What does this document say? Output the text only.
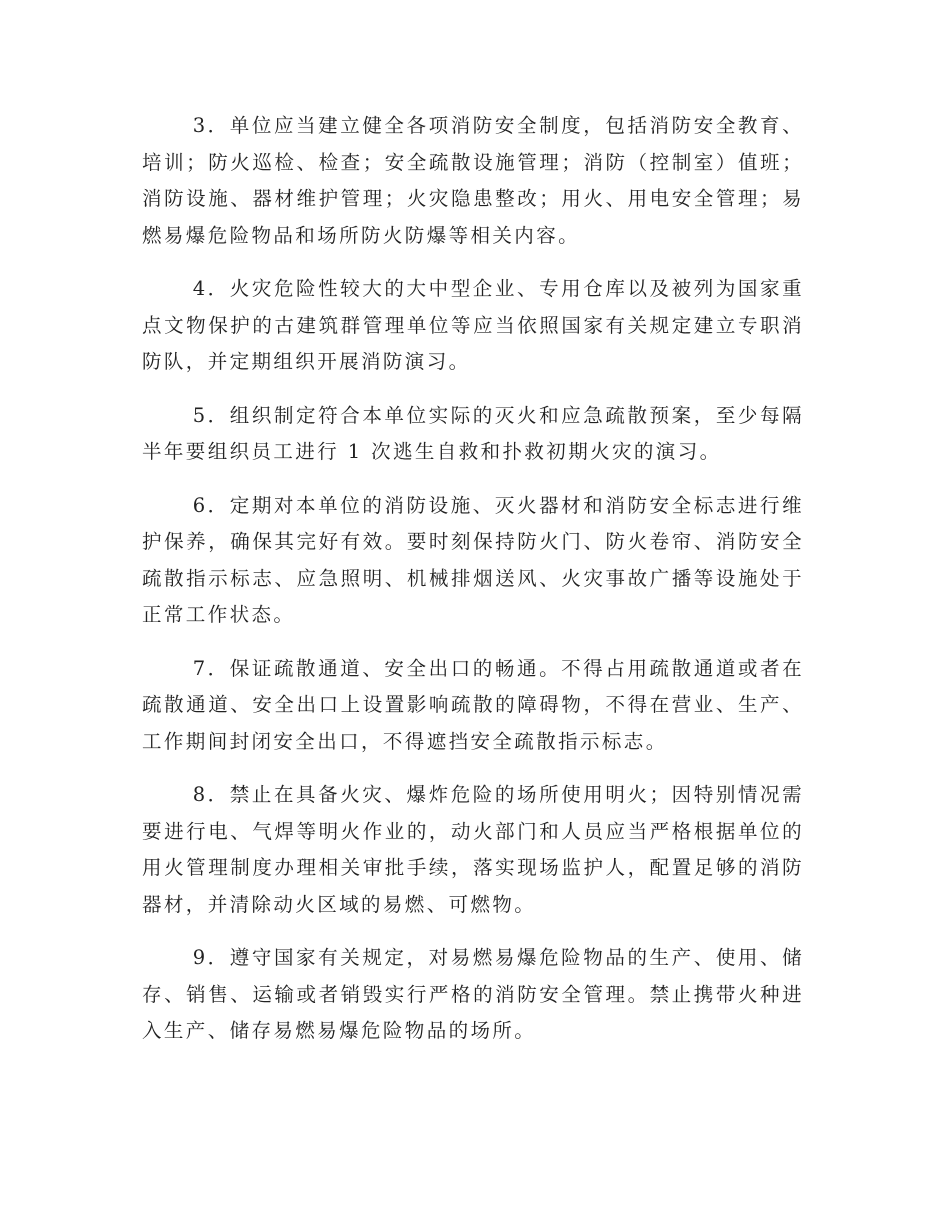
3．单位应当建立健全各项消防安全制度，包括消防安全教育、培训；防火巡检、检查；安全疏散设施管理；消防（控制室）值班；消防设施、器材维护管理；火灾隐患整改；用火、用电安全管理；易燃易爆危险物品和场所防火防爆等相关内容。

4．火灾危险性较大的大中型企业、专用仓库以及被列为国家重点文物保护的古建筑群管理单位等应当依照国家有关规定建立专职消防队，并定期组织开展消防演习。

5．组织制定符合本单位实际的灭火和应急疏散预案，至少每隔半年要组织员工进行 1 次逃生自救和扑救初期火灾的演习。

6．定期对本单位的消防设施、灭火器材和消防安全标志进行维护保养，确保其完好有效。要时刻保持防火门、防火卷帘、消防安全疏散指示标志、应急照明、机械排烟送风、火灾事故广播等设施处于正常工作状态。

7．保证疏散通道、安全出口的畅通。不得占用疏散通道或者在疏散通道、安全出口上设置影响疏散的障碍物，不得在营业、生产、工作期间封闭安全出口，不得遮挡安全疏散指示标志。

8．禁止在具备火灾、爆炸危险的场所使用明火；因特别情况需要进行电、气焊等明火作业的，动火部门和人员应当严格根据单位的用火管理制度办理相关审批手续，落实现场监护人，配置足够的消防器材，并清除动火区域的易燃、可燃物。

9．遵守国家有关规定，对易燃易爆危险物品的生产、使用、储存、销售、运输或者销毁实行严格的消防安全管理。禁止携带火种进入生产、储存易燃易爆危险物品的场所。
